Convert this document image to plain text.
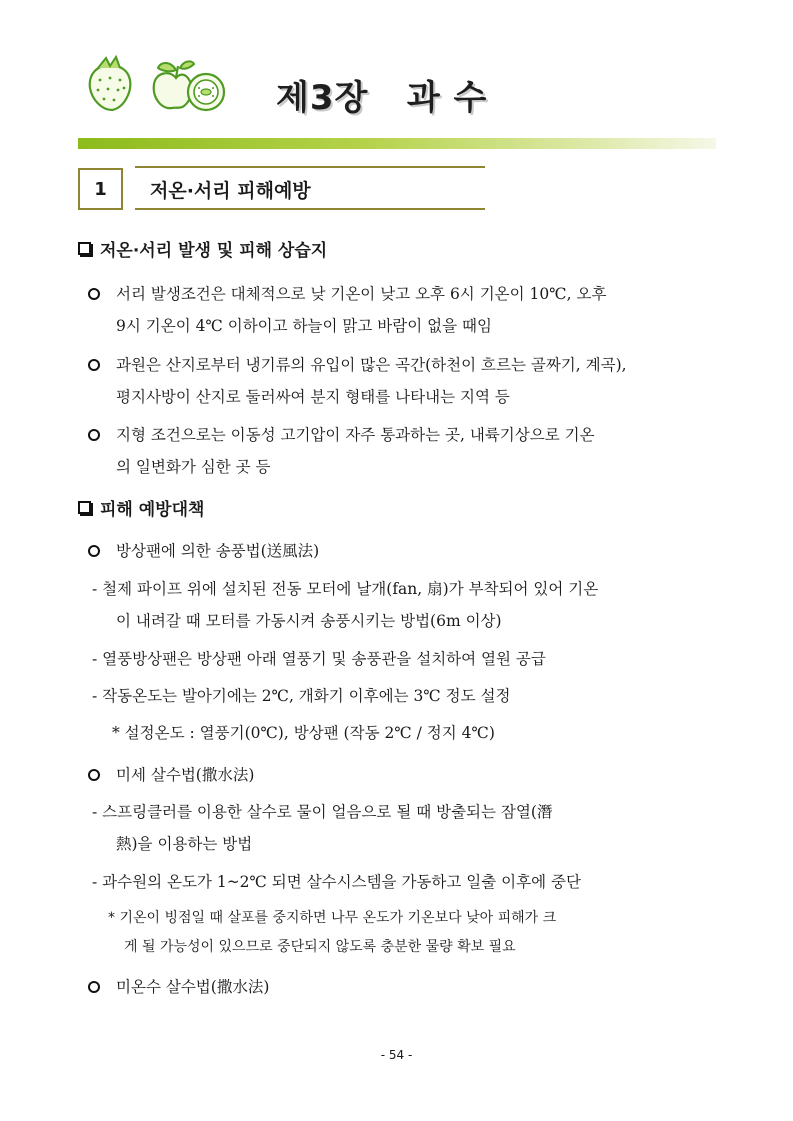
제3장   과 수
1	저온·서리 피해예방
저온·서리 발생 및 피해 상습지
서리 발생조건은 대체적으로 낮 기온이 낮고 오후 6시 기온이 10℃, 오후
9시 기온이 4℃ 이하이고 하늘이 맑고 바람이 없을 때임
과원은 산지로부터 냉기류의 유입이 많은 곡간(하천이 흐르는 골짜기, 계곡),
평지사방이 산지로 둘러싸여 분지 형태를 나타내는 지역 등
지형 조건으로는 이동성 고기압이 자주 통과하는 곳, 내륙기상으로 기온
의 일변화가 심한 곳 등
피해 예방대책
방상팬에 의한 송풍법(送風法)
- 철제 파이프 위에 설치된 전동 모터에 날개(fan, 扇)가 부착되어 있어 기온
이 내려갈 때 모터를 가동시켜 송풍시키는 방법(6m 이상)
- 열풍방상팬은 방상팬 아래 열풍기 및 송풍관을 설치하여 열원 공급
- 작동온도는 발아기에는 2℃, 개화기 이후에는 3℃ 정도 설정
* 설정온도 : 열풍기(0℃), 방상팬 (작동 2℃ / 정지 4℃)
미세 살수법(撒水法)
- 스프링클러를 이용한 살수로 물이 얼음으로 될 때 방출되는 잠열(潛
熱)을 이용하는 방법
- 과수원의 온도가 1~2℃ 되면 살수시스템을 가동하고 일출 이후에 중단
* 기온이 빙점일 때 살포를 중지하면 나무 온도가 기온보다 낮아 피해가 크
게 될 가능성이 있으므로 중단되지 않도록 충분한 물량 확보 필요
미온수 살수법(撒水法)
- 54 -
